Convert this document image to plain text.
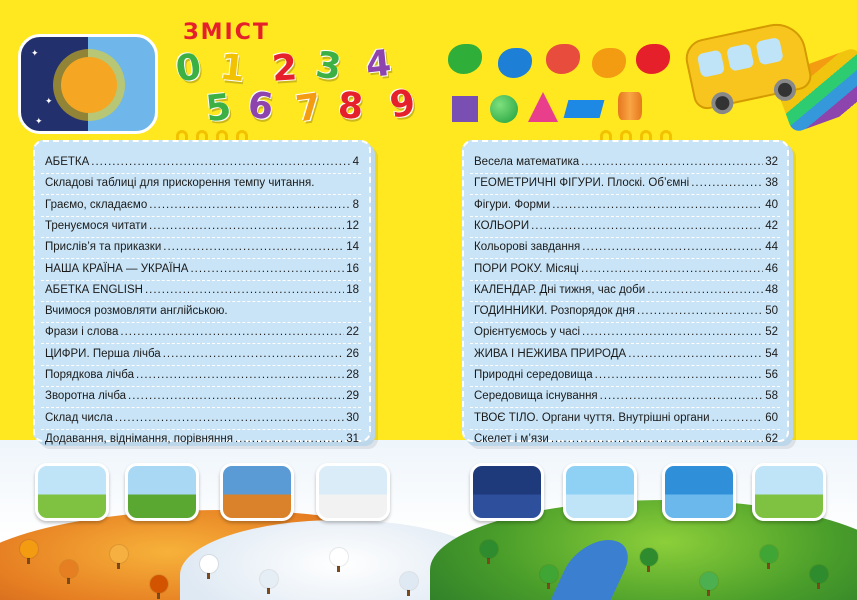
✦
✦
✦
ЗМІСТ
0 1 2 3 4
5 6 7 8 9
АБЕТКА .....	4
Складові таблиці для прискорення темпу читання.
Граємо, складаємо .....	8
Тренуємося читати .....	12
Прислів’я та приказки .....	14
НАША КРАЇНА — УКРАЇНА .....	16
АБЕТКА ENGLISH .....	18
Вчимося розмовляти англійською.
Фрази і слова .....	22
ЦИФРИ. Перша лічба .....	26
Порядкова лічба .....	28
Зворотна лічба .....	29
Склад числа .....	30
Додавання, віднімання, порівняння .....	31
Весела математика .....	32
ГЕОМЕТРИЧНІ ФІГУРИ. Плоскі. Об’ємні .....	38
Фігури. Форми .....	40
КОЛЬОРИ .....	42
Кольорові завдання .....	44
ПОРИ РОКУ. Місяці .....	46
КАЛЕНДАР. Дні тижня, час доби .....	48
ГОДИННИКИ. Розпорядок дня .....	50
Орієнтуємось у часі .....	52
ЖИВА І НЕЖИВА ПРИРОДА .....	54
Природні середовища .....	56
Середовища існування .....	58
ТВОЄ ТІЛО. Органи чуття. Внутрішні органи .....	60
Скелет і м’язи .....	62
